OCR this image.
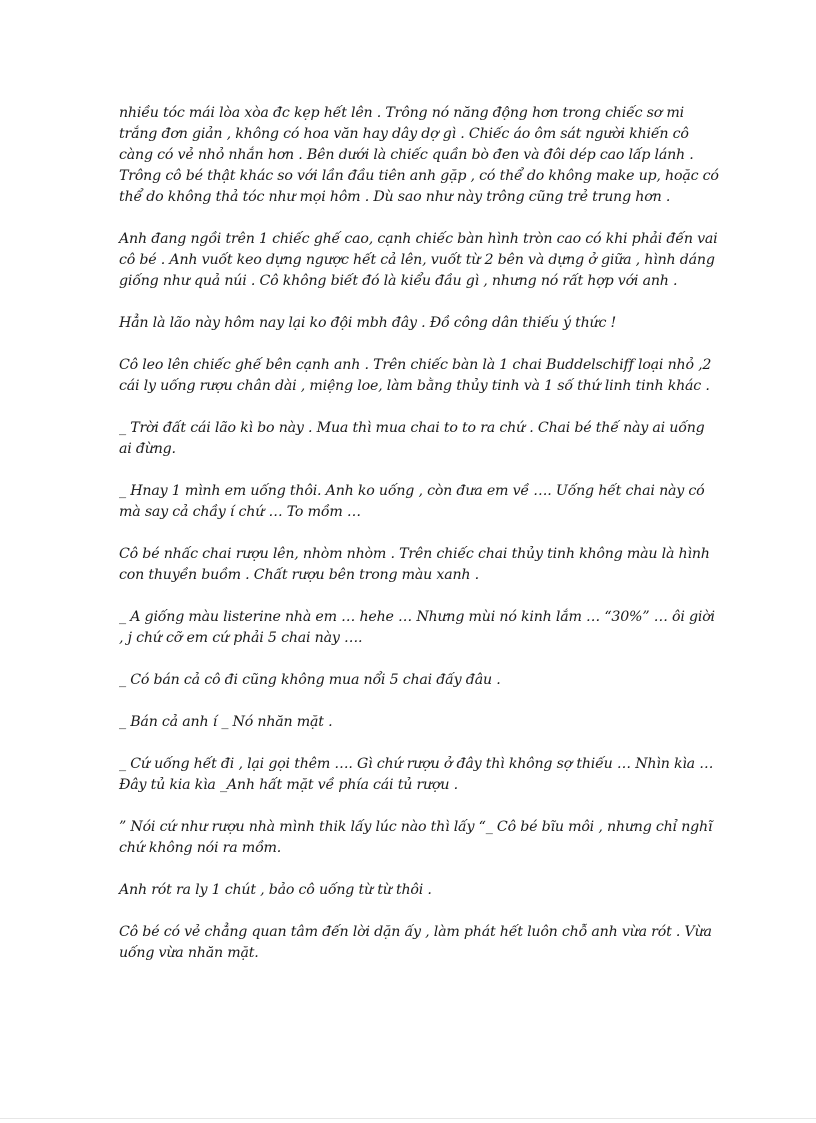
nhiều tóc mái lòa xòa đc kẹp hết lên . Trông nó năng động hơn trong chiếc sơ mi trắng đơn giản , không có hoa văn hay dây dợ gì . Chiếc áo ôm sát người khiến cô càng có vẻ nhỏ nhắn hơn . Bên dưới là chiếc quần bò đen và đôi dép cao lấp lánh . Trông cô bé thật khác so với lần đầu tiên anh gặp , có thể do không make up, hoặc có thể do không thả tóc như mọi hôm . Dù sao như này trông cũng trẻ trung hơn .

Anh đang ngồi trên 1 chiếc ghế cao, cạnh chiếc bàn hình tròn cao có khi phải đến vai cô bé . Anh vuốt keo dựng ngược hết cả lên, vuốt từ 2 bên và dựng ở giữa , hình dáng giống như quả núi . Cô không biết đó là kiểu đầu gì , nhưng nó rất hợp với anh .

Hẳn là lão này hôm nay lại ko đội mbh đây . Đồ công dân thiếu ý thức !

Cô leo lên chiếc ghế bên cạnh anh . Trên chiếc bàn là 1 chai Buddelschiff loại nhỏ ,2 cái ly uống rượu chân dài , miệng loe, làm bằng thủy tinh và 1 số thứ linh tinh khác .

_ Trời đất cái lão kì bo này . Mua thì mua chai to to ra chứ . Chai bé thế này ai uống ai đừng.

_ Hnay 1 mình em uống thôi. Anh ko uống , còn đưa em về …. Uống hết chai này có mà say cả chầy í chứ … To mồm …

Cô bé nhấc chai rượu lên, nhòm nhòm . Trên chiếc chai thủy tinh không màu là hình con thuyền buồm . Chất rượu bên trong màu xanh .

_ A giống màu listerine nhà em … hehe … Nhưng mùi nó kinh lắm … “30%” … ôi giời , j chứ cỡ em cứ phải 5 chai này ….

_ Có bán cả cô đi cũng không mua nổi 5 chai đấy đâu .

_ Bán cả anh í _ Nó nhăn mặt .

_ Cứ uống hết đi , lại gọi thêm …. Gì chứ rượu ở đây thì không sợ thiếu … Nhìn kìa … Đây tủ kia kìa _Anh hất mặt về phía cái tủ rượu .

” Nói cứ như rượu nhà mình thik lấy lúc nào thì lấy “_ Cô bé bĩu môi , nhưng chỉ nghĩ chứ không nói ra mồm.

Anh rót ra ly 1 chút , bảo cô uống từ từ thôi .

Cô bé có vẻ chẳng quan tâm đến lời dặn ấy , làm phát hết luôn chỗ anh vừa rót . Vừa uống vừa nhăn mặt.
